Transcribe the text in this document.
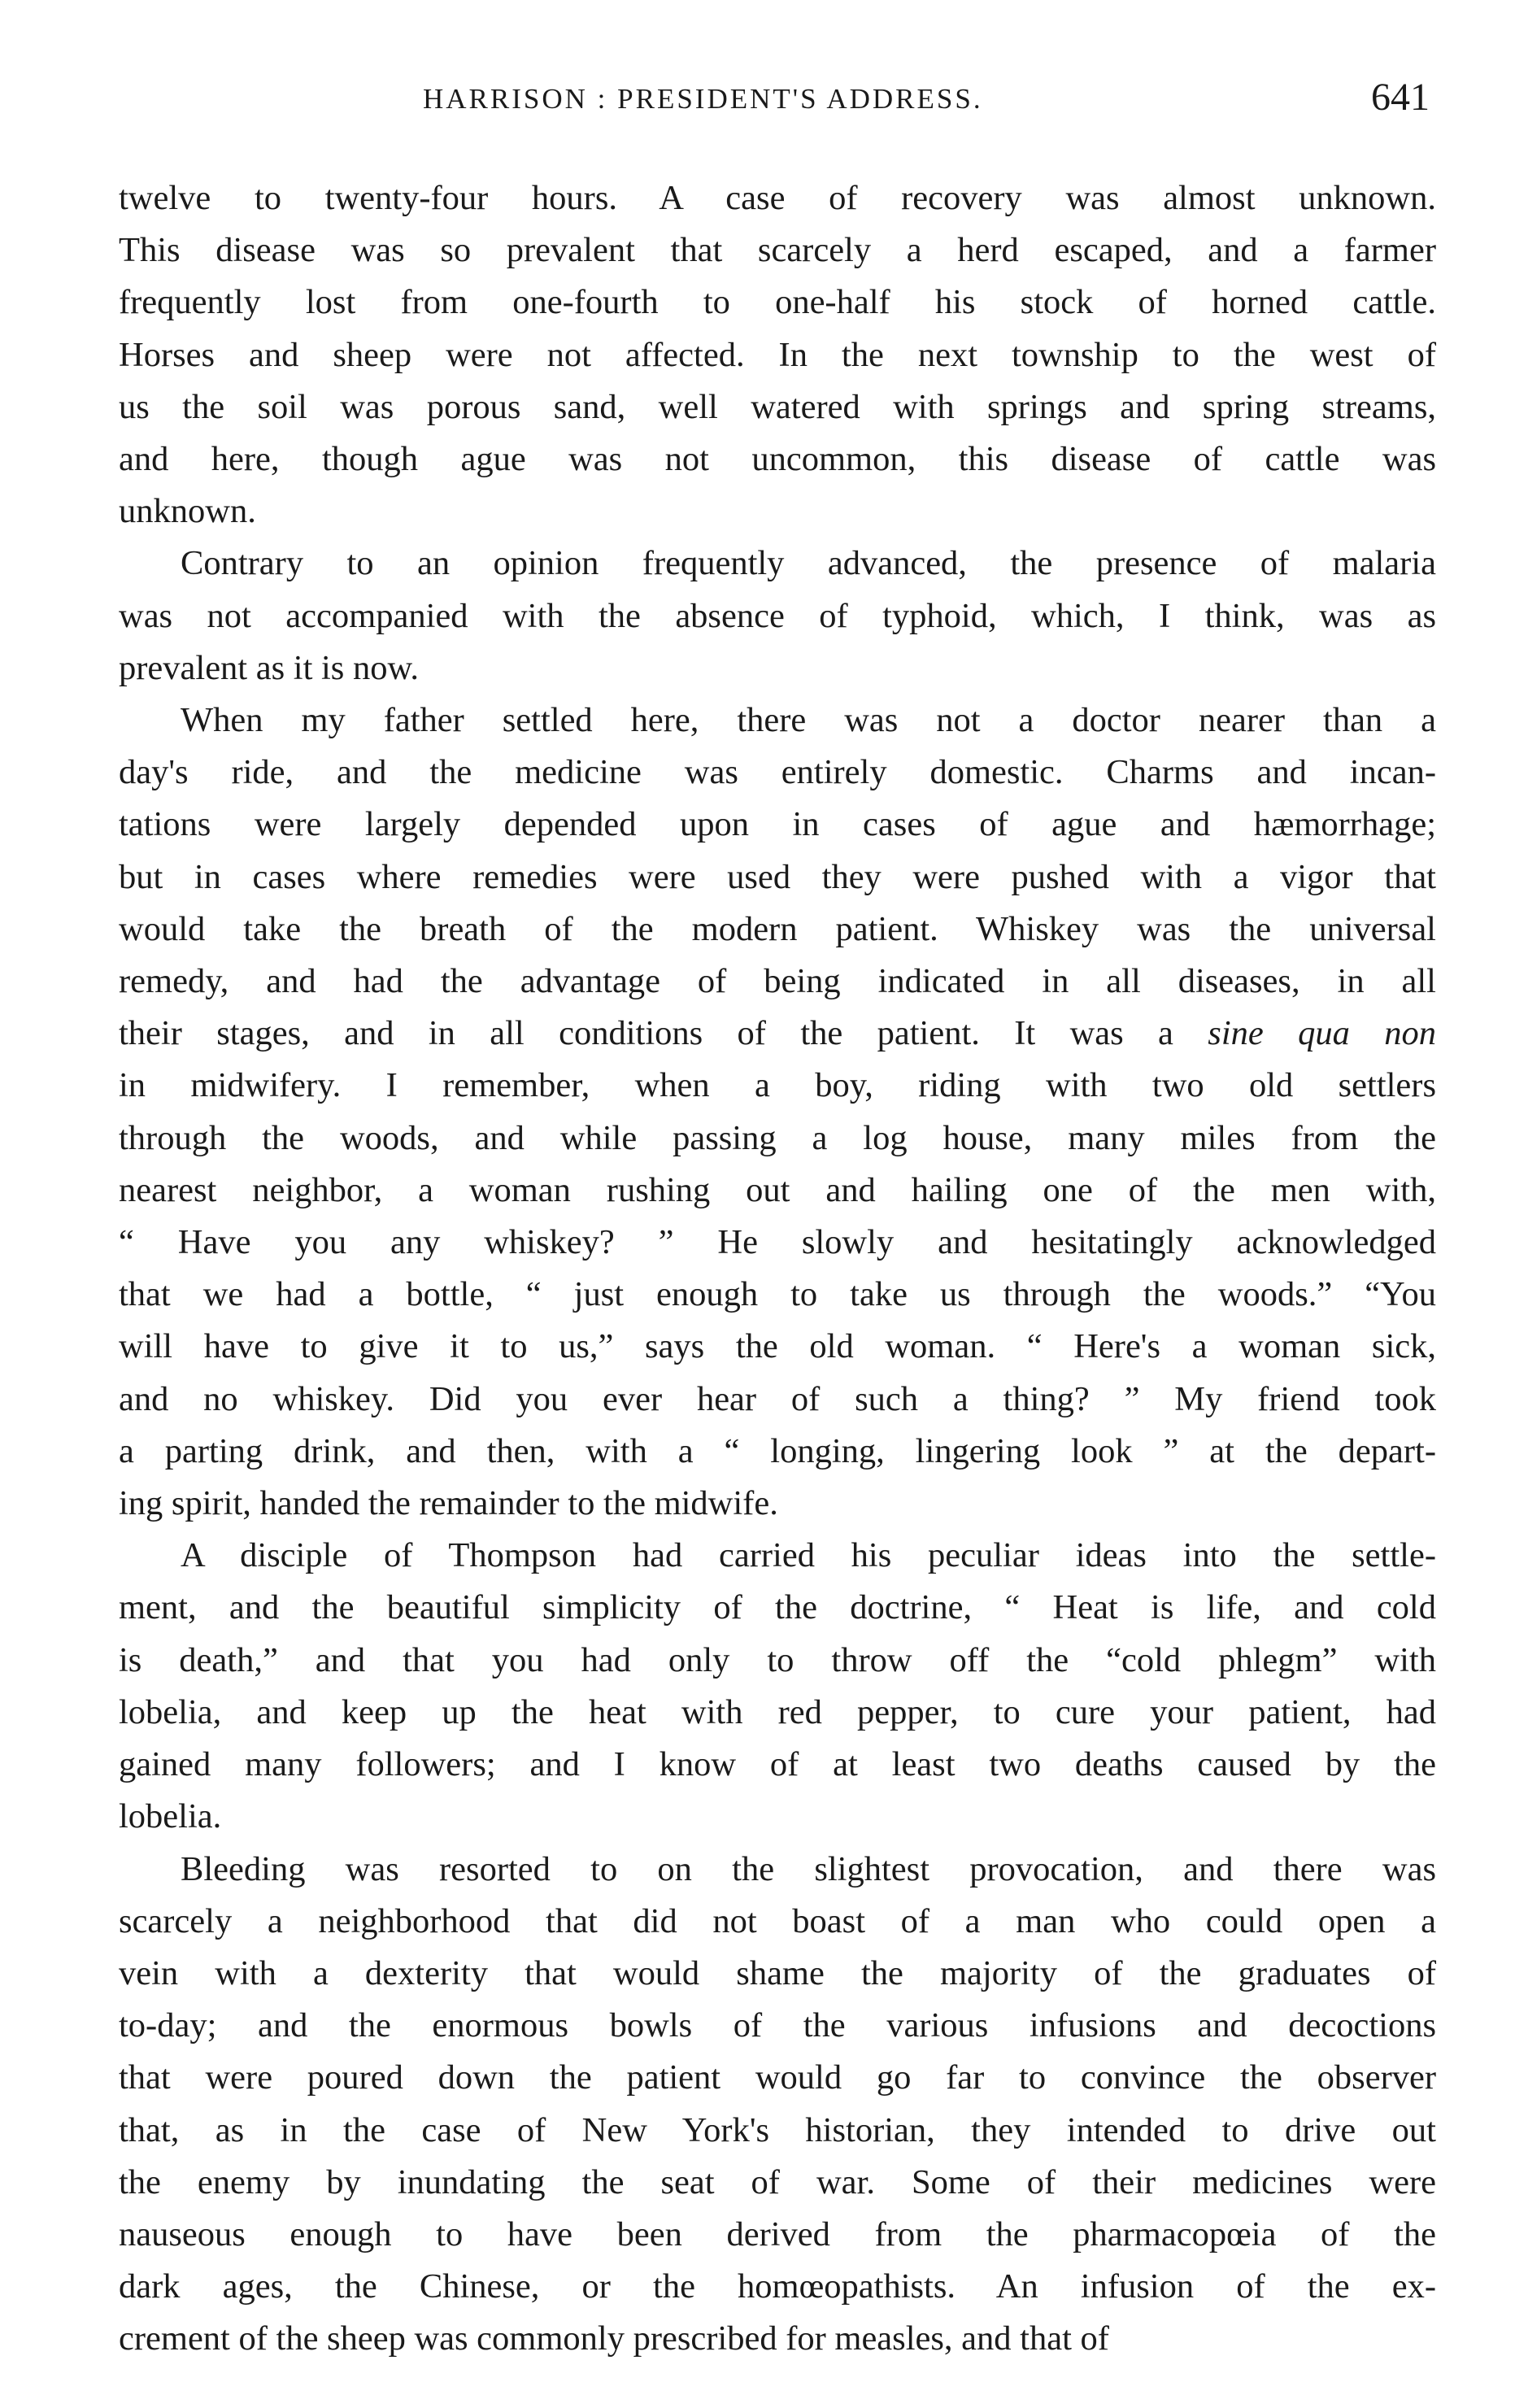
HARRISON : PRESIDENT'S ADDRESS.	641
twelve to twenty-four hours. A case of recovery was almost unknown.
This disease was so prevalent that scarcely a herd escaped, and a farmer
frequently lost from one-fourth to one-half his stock of horned cattle.
Horses and sheep were not affected. In the next township to the west of
us the soil was porous sand, well watered with springs and spring streams,
and here, though ague was not uncommon, this disease of cattle was
unknown.
Contrary to an opinion frequently advanced, the presence of malaria
was not accompanied with the absence of typhoid, which, I think, was as
prevalent as it is now.
When my father settled here, there was not a doctor nearer than a
day's ride, and the medicine was entirely domestic. Charms and incan-
tations were largely depended upon in cases of ague and hæmorrhage;
but in cases where remedies were used they were pushed with a vigor that
would take the breath of the modern patient. Whiskey was the universal
remedy, and had the advantage of being indicated in all diseases, in all
their stages, and in all conditions of the patient. It was a sine qua non
in midwifery. I remember, when a boy, riding with two old settlers
through the woods, and while passing a log house, many miles from the
nearest neighbor, a woman rushing out and hailing one of the men with,
“ Have you any whiskey? ” He slowly and hesitatingly acknowledged
that we had a bottle, “ just enough to take us through the woods.” “You
will have to give it to us,” says the old woman. “ Here's a woman sick,
and no whiskey. Did you ever hear of such a thing? ” My friend took
a parting drink, and then, with a “ longing, lingering look ” at the depart-
ing spirit, handed the remainder to the midwife.
A disciple of Thompson had carried his peculiar ideas into the settle-
ment, and the beautiful simplicity of the doctrine, “ Heat is life, and cold
is death,” and that you had only to throw off the “cold phlegm” with
lobelia, and keep up the heat with red pepper, to cure your patient, had
gained many followers; and I know of at least two deaths caused by the
lobelia.
Bleeding was resorted to on the slightest provocation, and there was
scarcely a neighborhood that did not boast of a man who could open a
vein with a dexterity that would shame the majority of the graduates of
to-day; and the enormous bowls of the various infusions and decoctions
that were poured down the patient would go far to convince the observer
that, as in the case of New York's historian, they intended to drive out
the enemy by inundating the seat of war. Some of their medicines were
nauseous enough to have been derived from the pharmacopœia of the
dark ages, the Chinese, or the homœopathists. An infusion of the ex-
crement of the sheep was commonly prescribed for measles, and that of
